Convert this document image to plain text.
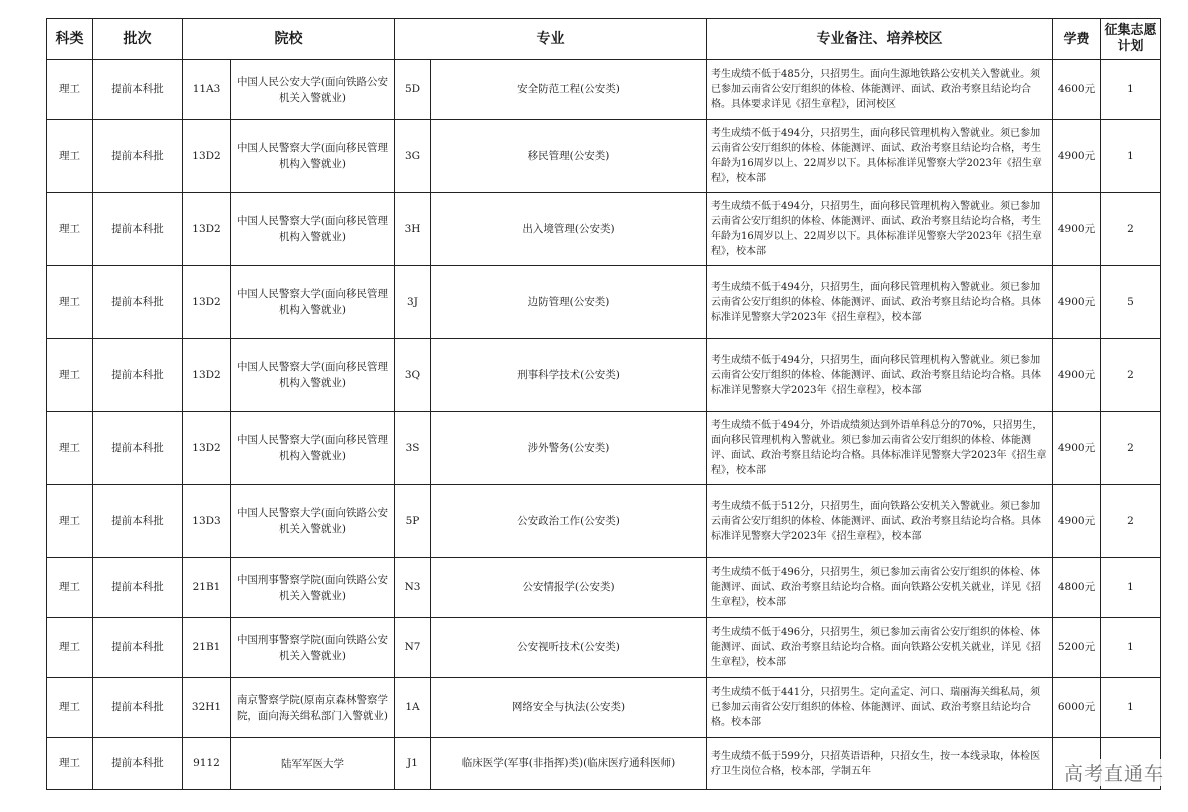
科类	批次	院校		专业		专业备注、培养校区	学费	征集志愿计划
理工	提前本科批	11A3	中国人民公安大学(面向铁路公安机关入警就业)	5D	安全防范工程(公安类)	考生成绩不低于485分，只招男生。面向生源地铁路公安机关入警就业。须已参加云南省公安厅组织的体检、体能测评、面试、政治考察且结论均合格。具体要求详见《招生章程》，团河校区	4600元	1
理工	提前本科批	13D2	中国人民警察大学(面向移民管理机构入警就业)	3G	移民管理(公安类)	考生成绩不低于494分，只招男生，面向移民管理机构入警就业。须已参加云南省公安厅组织的体检、体能测评、面试、政治考察且结论均合格，考生年龄为16周岁以上、22周岁以下。具体标准详见警察大学2023年《招生章程》，校本部	4900元	1
理工	提前本科批	13D2	中国人民警察大学(面向移民管理机构入警就业)	3H	出入境管理(公安类)	考生成绩不低于494分，只招男生，面向移民管理机构入警就业。须已参加云南省公安厅组织的体检、体能测评、面试、政治考察且结论均合格，考生年龄为16周岁以上、22周岁以下。具体标准详见警察大学2023年《招生章程》，校本部	4900元	2
理工	提前本科批	13D2	中国人民警察大学(面向移民管理机构入警就业)	3J	边防管理(公安类)	考生成绩不低于494分，只招男生，面向移民管理机构入警就业。须已参加云南省公安厅组织的体检、体能测评、面试、政治考察且结论均合格。具体标准详见警察大学2023年《招生章程》，校本部	4900元	5
理工	提前本科批	13D2	中国人民警察大学(面向移民管理机构入警就业)	3Q	刑事科学技术(公安类)	考生成绩不低于494分，只招男生，面向移民管理机构入警就业。须已参加云南省公安厅组织的体检、体能测评、面试、政治考察且结论均合格。具体标准详见警察大学2023年《招生章程》，校本部	4900元	2
理工	提前本科批	13D2	中国人民警察大学(面向移民管理机构入警就业)	3S	涉外警务(公安类)	考生成绩不低于494分，外语成绩须达到外语单科总分的70%，只招男生，面向移民管理机构入警就业。须已参加云南省公安厅组织的体检、体能测评、面试、政治考察且结论均合格。具体标准详见警察大学2023年《招生章程》，校本部	4900元	2
理工	提前本科批	13D3	中国人民警察大学(面向铁路公安机关入警就业)	5P	公安政治工作(公安类)	考生成绩不低于512分，只招男生，面向铁路公安机关入警就业。须已参加云南省公安厅组织的体检、体能测评、面试、政治考察且结论均合格。具体标准详见警察大学2023年《招生章程》，校本部	4900元	2
理工	提前本科批	21B1	中国刑事警察学院(面向铁路公安机关入警就业)	N3	公安情报学(公安类)	考生成绩不低于496分，只招男生，须已参加云南省公安厅组织的体检、体能测评、面试、政治考察且结论均合格。面向铁路公安机关就业，详见《招生章程》，校本部	4800元	1
理工	提前本科批	21B1	中国刑事警察学院(面向铁路公安机关入警就业)	N7	公安视听技术(公安类)	考生成绩不低于496分，只招男生，须已参加云南省公安厅组织的体检、体能测评、面试、政治考察且结论均合格。面向铁路公安机关就业，详见《招生章程》，校本部	5200元	1
理工	提前本科批	32H1	南京警察学院(原南京森林警察学院，面向海关缉私部门入警就业)	1A	网络安全与执法(公安类)	考生成绩不低于441分，只招男生。定向孟定、河口、瑞丽海关缉私局，须已参加云南省公安厅组织的体检、体能测评、面试、政治考察且结论均合格。校本部	6000元	1
理工	提前本科批	9112	陆军军医大学	J1	临床医学(军事(非指挥)类)(临床医疗通科医师)	考生成绩不低于599分，只招英语语种，只招女生，按一本线录取，体检医疗卫生岗位合格，校本部，学制五年			高考直通车
